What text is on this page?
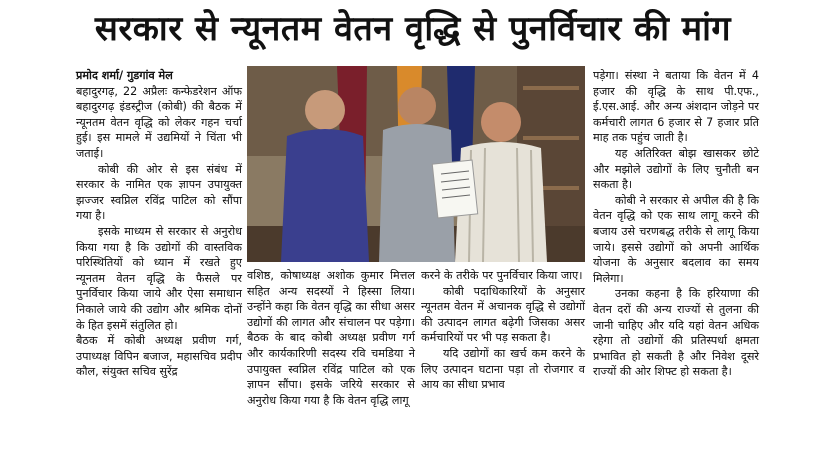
सरकार से न्यूनतम वेतन वृद्धि से पुनर्विचार की मांग

प्रमोद शर्मा/ गुडगांव मेल

बहादुरगढ़, 22 अप्रैलः कन्फेडरेशन ऑफ बहादुरगढ़ इंडस्ट्रीज (कोबी) की बैठक में न्यूनतम वेतन वृद्धि को लेकर गहन चर्चा हुई। इस मामले में उद्यमियों ने चिंता भी जताई।

कोबी की ओर से इस संबंध में सरकार के नामित एक ज्ञापन उपायुक्त झज्जर स्वप्निल रविंद्र पाटिल को सौंपा गया है।

इसके माध्यम से सरकार से अनुरोध किया गया है कि उद्योगों की वास्तविक परिस्थितियों को ध्यान में रखते हुए न्यूनतम वेतन वृद्धि के फैसले पर पुनर्विचार किया जाये और ऐसा समाधान निकाले जाये की उद्योग और श्रमिक दोनों के हित इसमें संतुलित हो।

बैठक में कोबी अध्यक्ष प्रवीण गर्ग, उपाध्यक्ष विपिन बजाज, महासचिव प्रदीप कौल, संयुक्त सचिव सुरेंद्र

वशिष्ठ, कोषाध्यक्ष अशोक कुमार मित्तल सहित अन्य सदस्यों ने हिस्सा लिया। उन्होंने कहा कि वेतन वृद्धि का सीधा असर उद्योगों की लागत और संचालन पर पड़ेगा। बैठक के बाद कोबी अध्यक्ष प्रवीण गर्ग और कार्यकारिणी सदस्य रवि चमडिया ने उपायुक्त स्वप्निल रविंद्र पाटिल को एक ज्ञापन सौंपा। इसके जरिये सरकार से अनुरोध किया गया है कि वेतन वृद्धि लागू

करने के तरीके पर पुनर्विचार किया जाए।

कोबी पदाधिकारियों के अनुसार न्यूनतम वेतन में अचानक वृद्धि से उद्योगों की उत्पादन लागत बढ़ेगी जिसका असर कर्मचारियों पर भी पड़ सकता है।

यदि उद्योगों का खर्च कम करने के लिए उत्पादन घटाना पड़ा तो रोजगार व आय का सीधा प्रभाव

पड़ेगा। संस्था ने बताया कि वेतन में 4 हजार की वृद्धि के साथ पी.एफ., ई.एस.आई. और अन्य अंशदान जोड़ने पर कर्मचारी लागत 6 हजार से 7 हजार प्रति माह तक पहुंच जाती है।

यह अतिरिक्त बोझ खासकर छोटे और मझोले उद्योगों के लिए चुनौती बन सकता है।

कोबी ने सरकार से अपील की है कि वेतन वृद्धि को एक साथ लागू करने की बजाय उसे चरणबद्ध तरीके से लागू किया जाये। इससे उद्योगों को अपनी आर्थिक योजना के अनुसार बदलाव का समय मिलेगा।

उनका कहना है कि हरियाणा की वेतन दरों की अन्य राज्यों से तुलना की जानी चाहिए और यदि यहां वेतन अधिक रहेगा तो उद्योगों की प्रतिस्पर्धा क्षमता प्रभावित हो सकती है और निवेश दूसरे राज्यों की ओर शिफ्ट हो सकता है।
